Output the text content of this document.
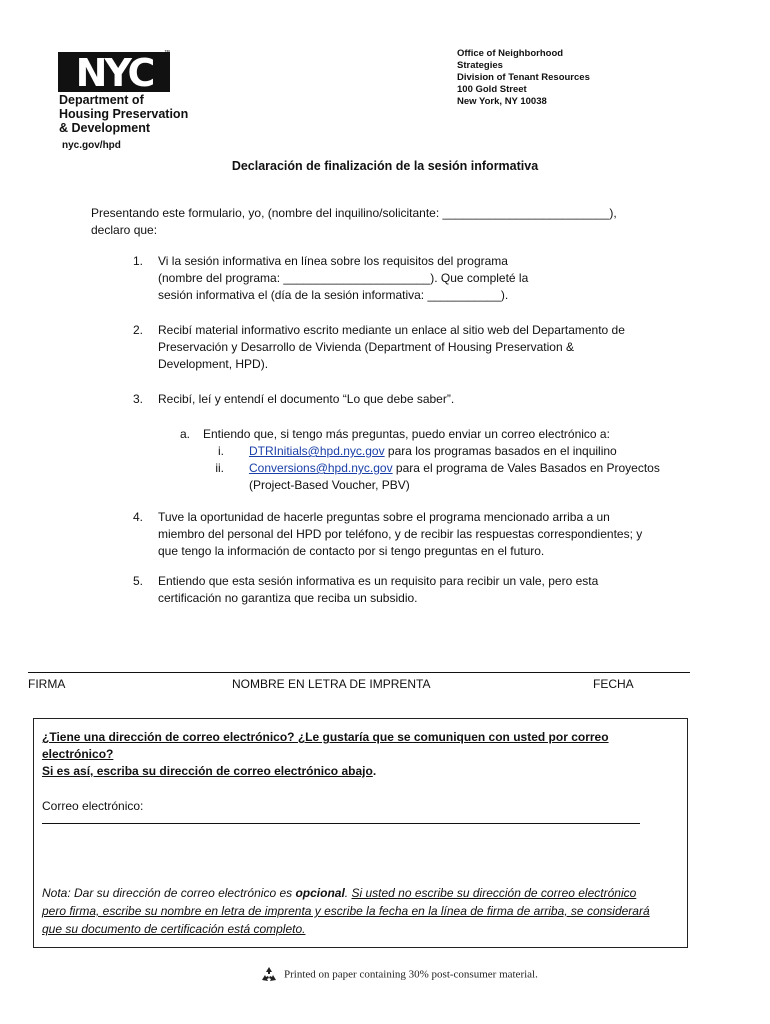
NYC	™
Department of
Housing Preservation
& Development
nyc.gov/hpd
Office of Neighborhood
Strategies
Division of Tenant Resources
100 Gold Street
New York, NY 10038
Declaración de finalización de la sesión informativa
Presentando este formulario, yo, (nombre del inquilino/solicitante: _________________________),
declaro que:
1.	Vi la sesión informativa en línea sobre los requisitos del programa
(nombre del programa: ______________________). Que completé la
sesión informativa el (día de la sesión informativa: ___________).
2.	Recibí material informativo escrito mediante un enlace al sitio web del Departamento de
Preservación y Desarrollo de Vivienda (Department of Housing Preservation &
Development, HPD).
3.	Recibí, leí y entendí el documento “Lo que debe saber”.
a. Entiendo que, si tengo más preguntas, puedo enviar un correo electrónico a:
i. DTRInitials@hpd.nyc.gov para los programas basados en el inquilino
ii. Conversions@hpd.nyc.gov para el programa de Vales Basados en Proyectos
(Project-Based Voucher, PBV)
4.	Tuve la oportunidad de hacerle preguntas sobre el programa mencionado arriba a un
miembro del personal del HPD por teléfono, y de recibir las respuestas correspondientes; y
que tengo la información de contacto por si tengo preguntas en el futuro.
5.	Entiendo que esta sesión informativa es un requisito para recibir un vale, pero esta
certificación no garantiza que reciba un subsidio.
FIRMA	NOMBRE EN LETRA DE IMPRENTA	FECHA
¿Tiene una dirección de correo electrónico? ¿Le gustaría que se comuniquen con usted por correo electrónico?
Si es así, escriba su dirección de correo electrónico abajo.
Correo electrónico:
Nota: Dar su dirección de correo electrónico es opcional. Si usted no escribe su dirección de correo electrónico
pero firma, escribe su nombre en letra de imprenta y escribe la fecha en la línea de firma de arriba, se considerará
que su documento de certificación está completo.
Printed on paper containing 30% post-consumer material.
